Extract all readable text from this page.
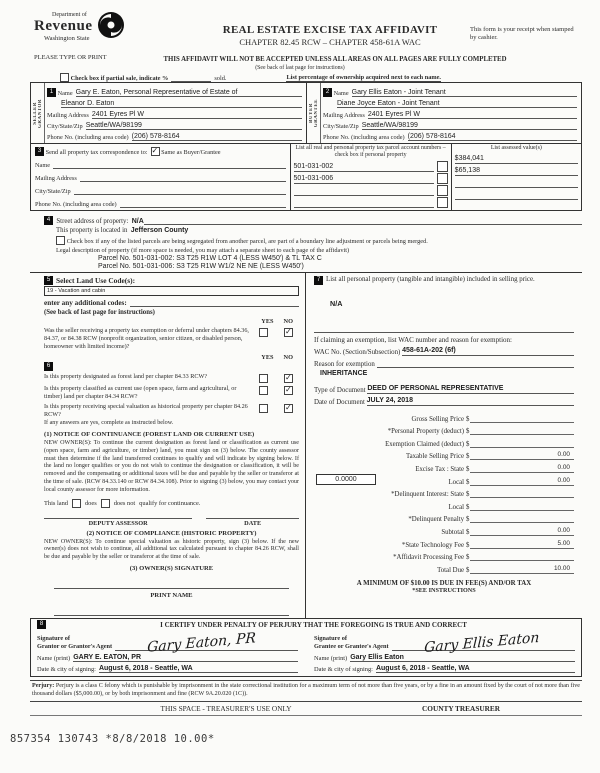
Department of
Revenue
Washington State
REAL ESTATE EXCISE TAX AFFIDAVIT
CHAPTER 82.45 RCW – CHAPTER 458-61A WAC
This form is your receipt when stamped by cashier.
PLEASE TYPE OR PRINT	THIS AFFIDAVIT WILL NOT BE ACCEPTED UNLESS ALL AREAS ON ALL PAGES ARE FULLY COMPLETED
(See back of last page for instructions)

Check box if partial sale, indicate %	sold.	List percentage of ownership acquired next to each name.
SELLER GRANTOR
1
Name Gary E. Eaton, Personal Representative of Estate of
Eleanor D. Eaton
Mailing Address 2401 Eyres Pl W
City/State/Zip Seattle/WA/98199
Phone No. (including area code) (206) 578-8164
BUYER GRANTEE
2
Name Gary Ellis Eaton - Joint Tenant
Diane Joyce Eaton - Joint Tenant
Mailing Address 2401 Eyres Pl W
City/State/Zip Seattle/WA/98199
Phone No. (including area code) (206) 578-8164
3
Send all property tax correspondence to: ✓
	Same as Buyer/Grantee
Name
Mailing Address
City/State/Zip
Phone No. (including area code)
List all real and personal property tax parcel account numbers – check box if personal property
501-031-002
501-031-006
List assessed value(s)
$384,041
$65,138
4
Street address of property:
N/A
This property is located in
Jefferson County

Check box if any of the listed parcels are being segregated from another parcel, are part of a boundary line adjustment or parcels being merged.
Legal description of property (if more space is needed, you may attach a separate sheet to each page of the affidavit)
Parcel No. 501-031-002: S3 T25 R1W LOT 4 (LESS W450') & TL TAX C
Parcel No. 501-031-006: S3 T25 R1W W1/2 NE NE (LESS W450')
5 Select Land Use Code(s):
19 - Vacation and cabin
enter any additional codes:
(See back of last page for instructions)
YES NO
Was the seller receiving a property tax exemption or deferral under chapters 84.36, 84.37, or 84.38 RCW (nonprofit organization, senior citizen, or disabled person, homeowner with limited income)?
✓
YES NO
6
Is this property designated as forest land per chapter 84.33 RCW?
✓
Is this property classified as current use (open space, farm and agricultural, or timber) land per chapter 84.34 RCW?
✓
Is this property receiving special valuation as historical property per chapter 84.26 RCW?
✓
If any answers are yes, complete as instructed below.
(1) NOTICE OF CONTINUANCE (FOREST LAND OR CURRENT USE)
NEW OWNER(S): To continue the current designation as forest land or classification as current use (open space, farm and agriculture, or timber) land, you must sign on (3) below. The county assessor must then determine if the land transferred continues to qualify and will indicate by signing below. If the land no longer qualifies or you do not wish to continue the designation or classification, it will be removed and the compensating or additional taxes will be due and payable by the seller or transferor at the time of sale. (RCW 84.33.140 or RCW 84.34.108). Prior to signing (3) below, you may contact your local county assessor for more information.
This land	does	does not qualify for continuance.
DEPUTY ASSESSOR	DATE
(2) NOTICE OF COMPLIANCE (HISTORIC PROPERTY)
NEW OWNER(S): To continue special valuation as historic property, sign (3) below. If the new owner(s) does not wish to continue, all additional tax calculated pursuant to chapter 84.26 RCW, shall be due and payable by the seller or transferor at the time of sale.
(3) OWNER(S) SIGNATURE
PRINT NAME
7 List all personal property (tangible and intangible) included in selling price.
N/A
If claiming an exemption, list WAC number and reason for exemption:
WAC No. (Section/Subsection)
458-61A-202 (6f)
Reason for exemption

INHERITANCE
Type of Document
DEED OF PERSONAL REPRESENTATIVE
Date of Document
JULY 24, 2018
Gross Selling Price $
*Personal Property (deduct) $
Exemption Claimed (deduct) $
Taxable Selling Price $	0.00
Excise Tax : State $	0.00
0.0000	Local $	0.00
*Delinquent Interest: State $
Local $
*Delinquent Penalty $
Subtotal $	0.00
*State Technology Fee $	5.00
*Affidavit Processing Fee $
Total Due $	10.00
A MINIMUM OF $10.00 IS DUE IN FEE(S) AND/OR TAX
*SEE INSTRUCTIONS
8	I CERTIFY UNDER PENALTY OF PERJURY THAT THE FOREGOING IS TRUE AND CORRECT
Signature of
Grantor or Grantor's Agent Gary Eaton, PR
Name (print) GARY E. EATON, PR
Date & city of signing: August 6, 2018 - Seattle, WA
Signature of
Grantee or Grantee's Agent	Gary Ellis Eaton
Name (print) Gary Ellis Eaton
Date & city of signing: August 6, 2018 - Seattle, WA
Perjury: Perjury is a class C felony which is punishable by imprisonment in the state correctional institution for a maximum term of not more than five years, or by a fine in an amount fixed by the court of not more than five thousand dollars ($5,000.00), or by both imprisonment and fine (RCW 9A.20.020 (1C)).
THIS SPACE - TREASURER'S USE ONLY	COUNTY TREASURER
857354 130743 *8/8/2018 10.00*
